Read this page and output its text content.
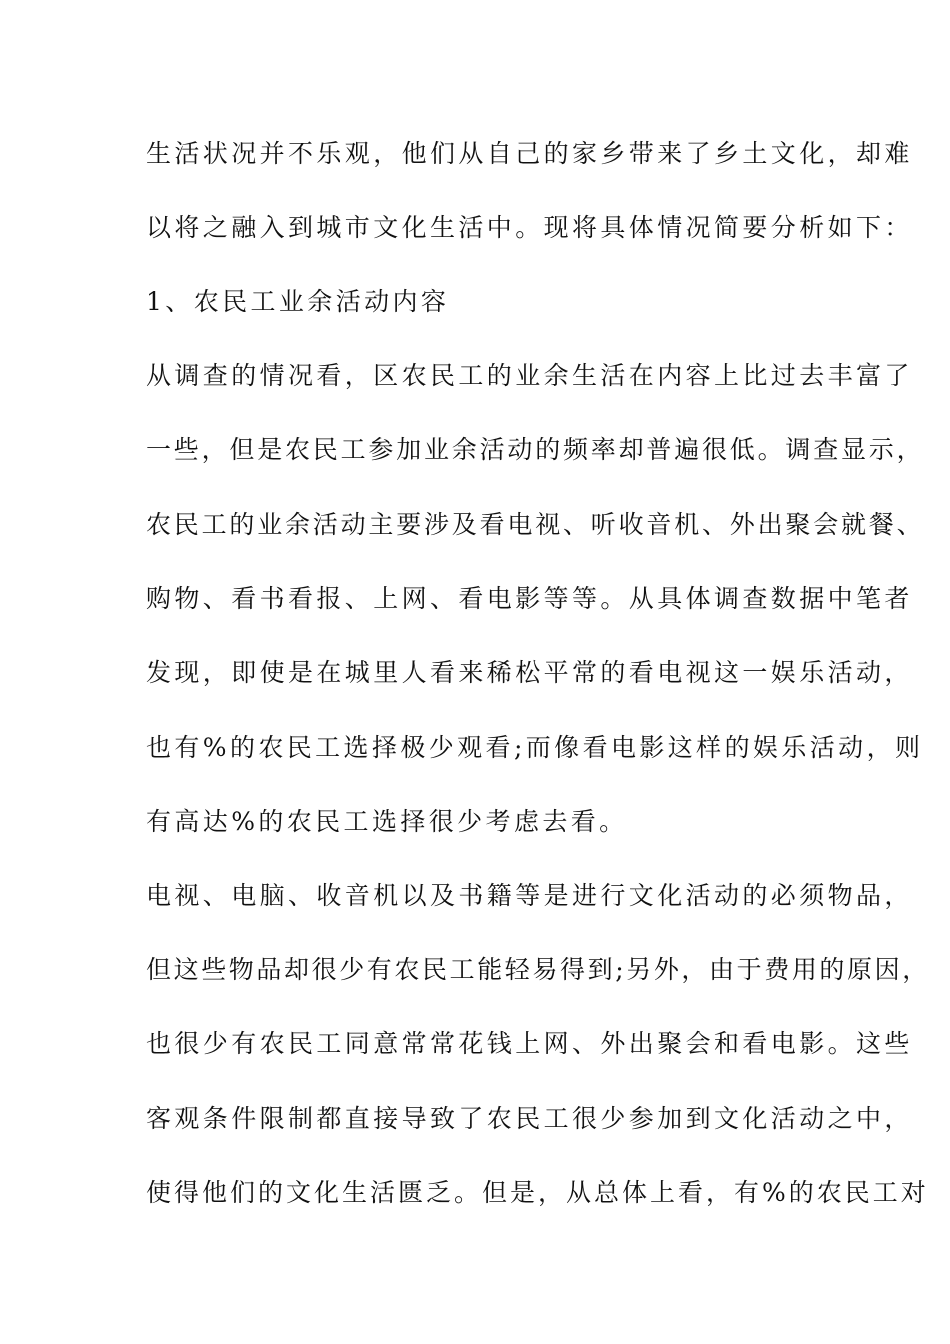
生活状况并不乐观，他们从自己的家乡带来了乡土文化，却难
以将之融入到城市文化生活中。现将具体情况简要分析如下：
1、农民工业余活动内容
从调查的情况看，区农民工的业余生活在内容上比过去丰富了
一些，但是农民工参加业余活动的频率却普遍很低。调查显示，
农民工的业余活动主要涉及看电视、听收音机、外出聚会就餐、
购物、看书看报、上网、看电影等等。从具体调查数据中笔者
发现，即使是在城里人看来稀松平常的看电视这一娱乐活动，
也有%的农民工选择极少观看;而像看电影这样的娱乐活动，则
有高达%的农民工选择很少考虑去看。
电视、电脑、收音机以及书籍等是进行文化活动的必须物品，
但这些物品却很少有农民工能轻易得到;另外，由于费用的原因，
也很少有农民工同意常常花钱上网、外出聚会和看电影。这些
客观条件限制都直接导致了农民工很少参加到文化活动之中，
使得他们的文化生活匮乏。但是，从总体上看，有%的农民工对
